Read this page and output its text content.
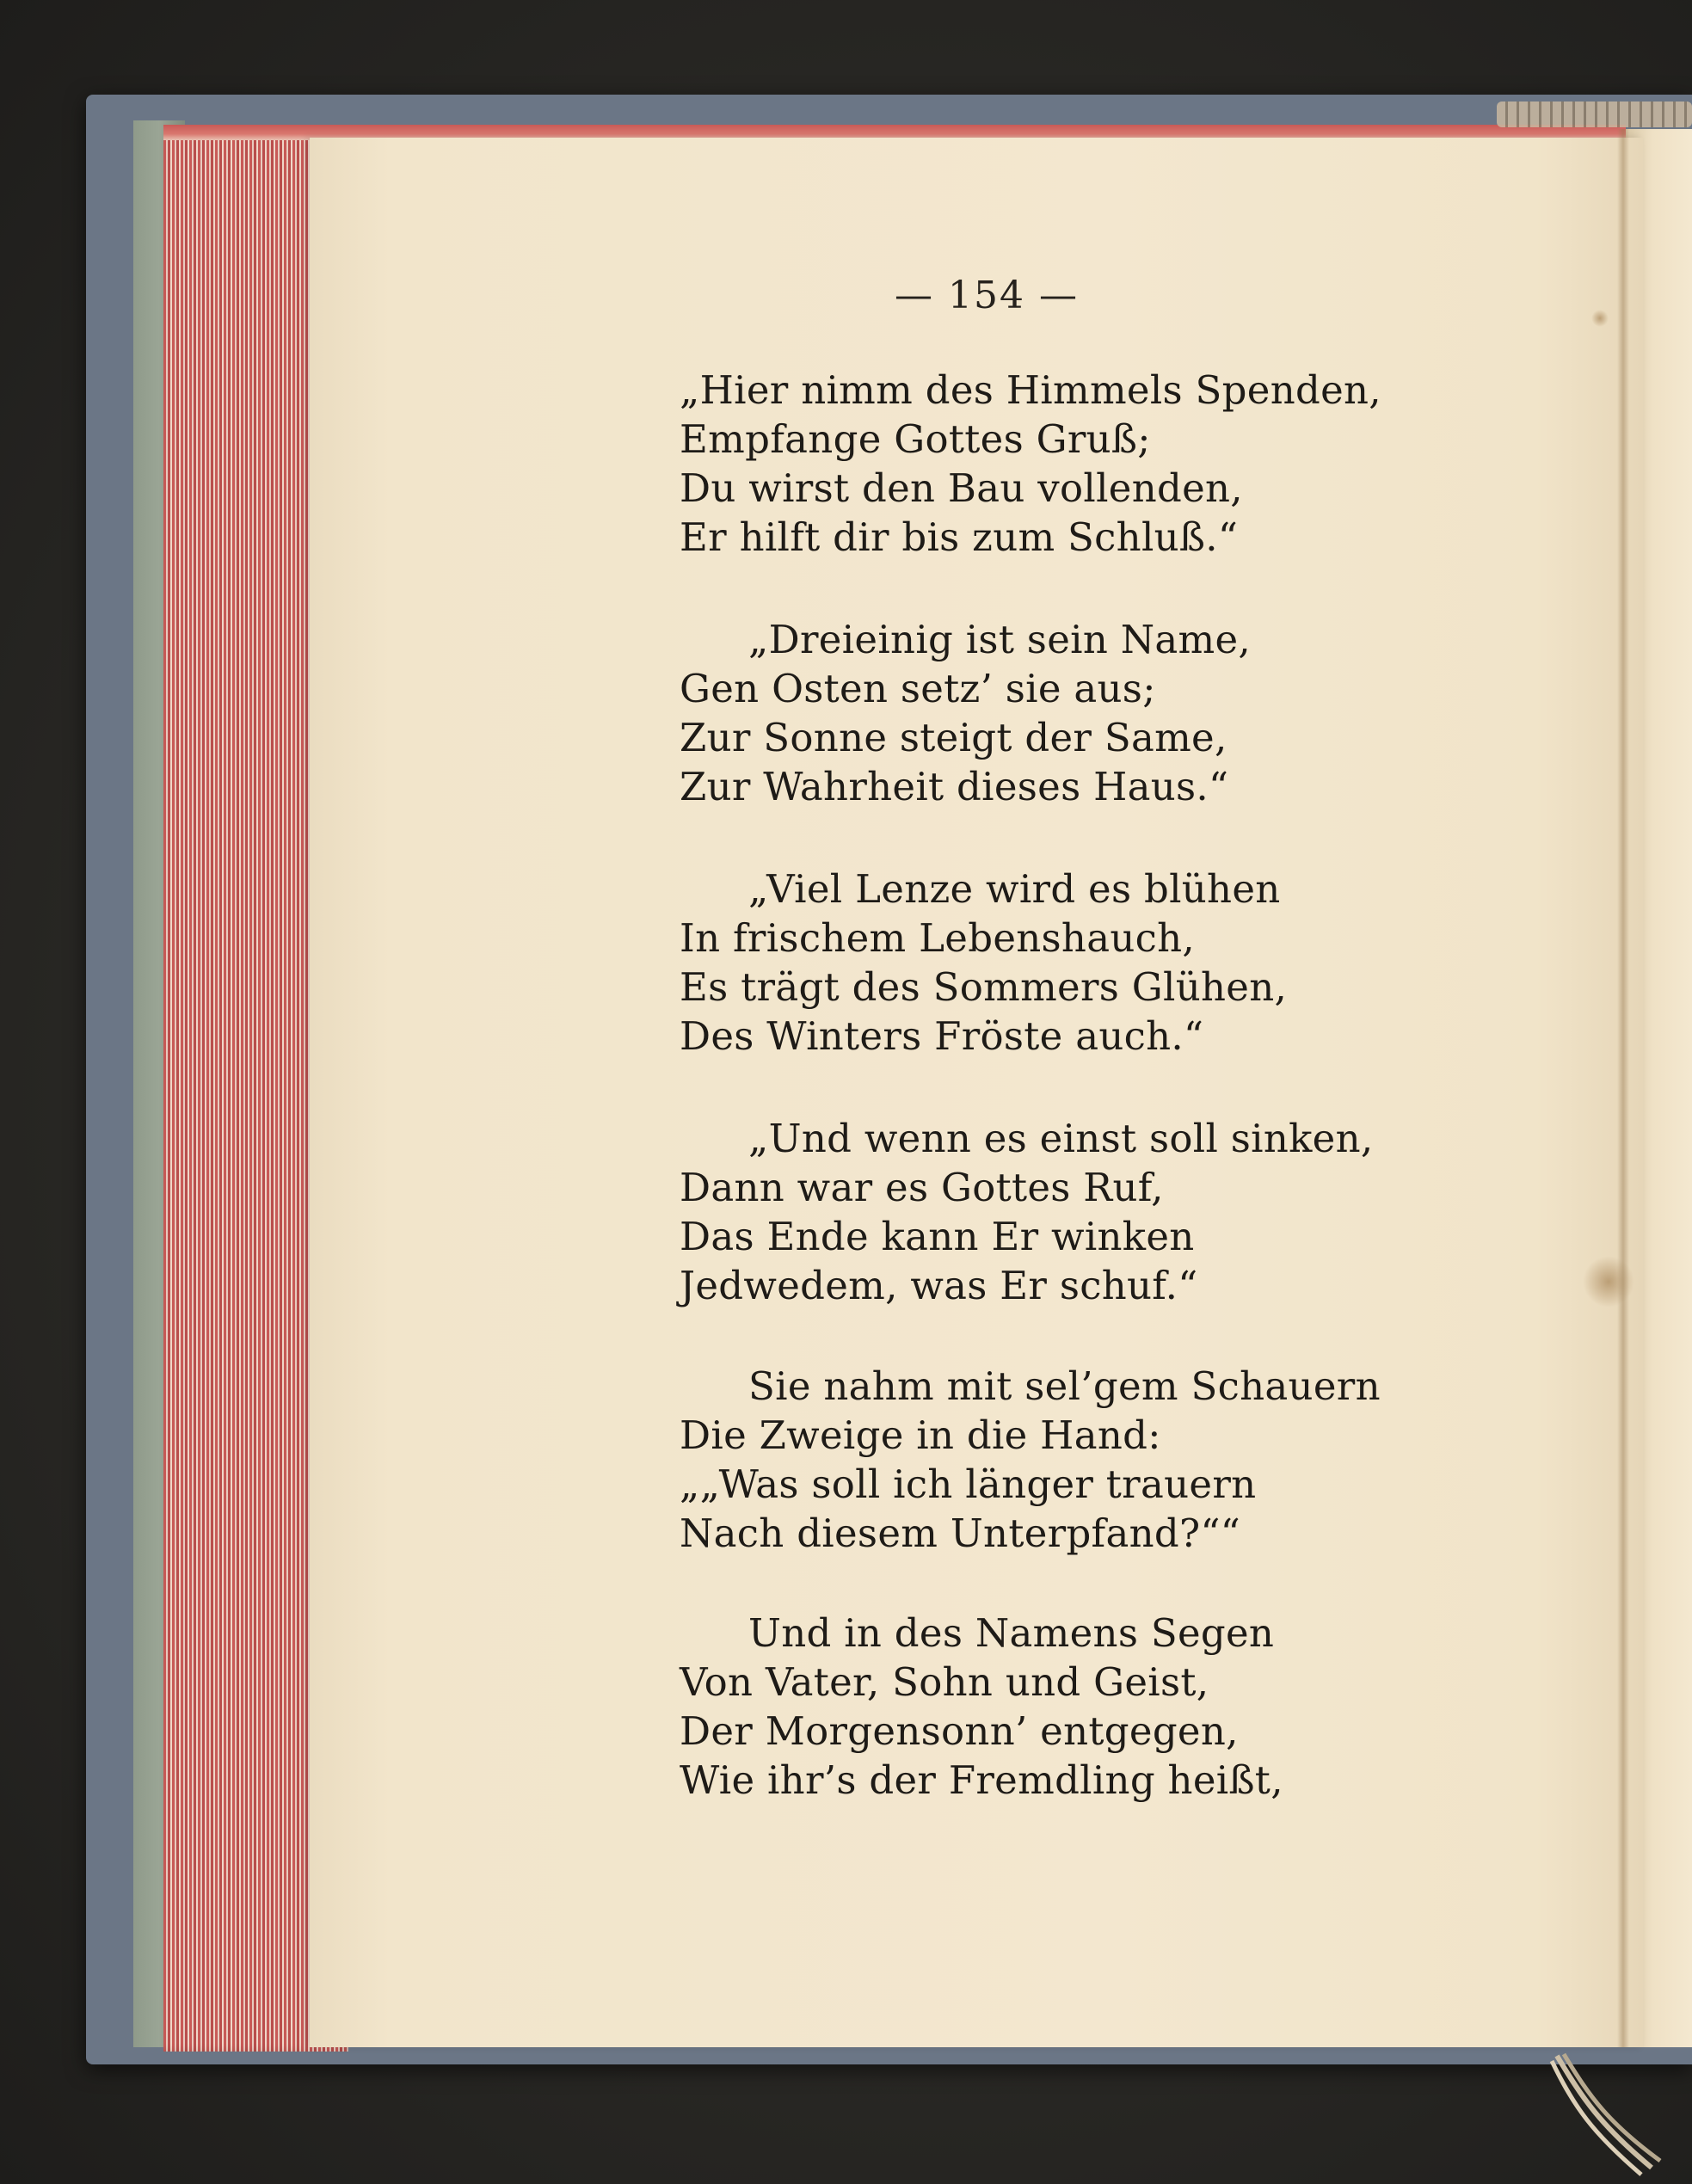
— 154 —
„Hier nimm des Himmels Spenden,
Empfange Gottes Gruß;
Du wirst den Bau vollenden,
Er hilft dir bis zum Schluß.“
„Dreieinig ist sein Name,
Gen Osten setz’ sie aus;
Zur Sonne steigt der Same,
Zur Wahrheit dieses Haus.“
„Viel Lenze wird es blühen
In frischem Lebenshauch,
Es trägt des Sommers Glühen,
Des Winters Fröste auch.“
„Und wenn es einst soll sinken,
Dann war es Gottes Ruf,
Das Ende kann Er winken
Jedwedem, was Er schuf.“
Sie nahm mit sel’gem Schauern
Die Zweige in die Hand:
„„Was soll ich länger trauern
Nach diesem Unterpfand?““
Und in des Namens Segen
Von Vater, Sohn und Geist,
Der Morgensonn’ entgegen,
Wie ihr’s der Fremdling heißt,
